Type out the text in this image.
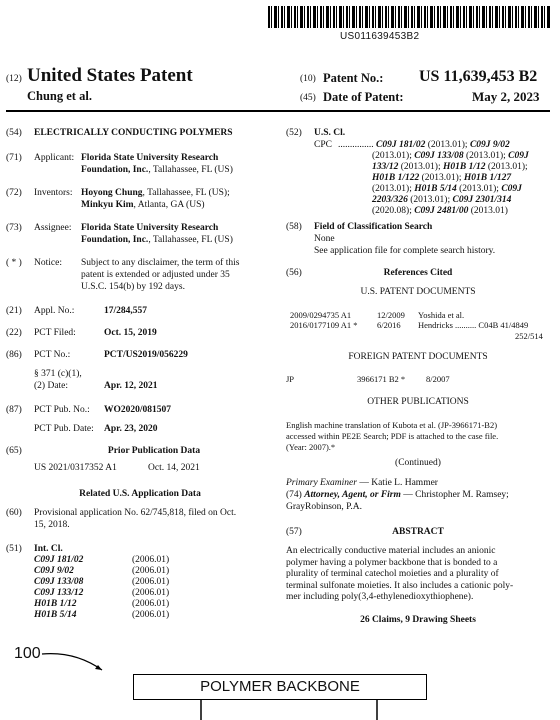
US011639453B2
(12) United States Patent
Chung et al.
(10) Patent No.: US 11,639,453 B2
(45) Date of Patent:	May 2, 2023
(54) ELECTRICALLY CONDUCTING POLYMERS
(71) Applicant: Florida State University Research
Foundation, Inc., Tallahassee, FL (US)
(72) Inventors: Hoyong Chung, Tallahassee, FL (US);
Minkyu Kim, Atlanta, GA (US)
(73) Assignee: Florida State University Research
Foundation, Inc., Tallahassee, FL (US)
( * ) Notice: Subject to any disclaimer, the term of this
patent is extended or adjusted under 35
U.S.C. 154(b) by 192 days.
(21) Appl. No.:	17/284,557
(22) PCT Filed:	Oct. 15, 2019
(86) PCT No.:	PCT/US2019/056229
§ 371 (c)(1),
(2) Date:	Apr. 12, 2021
(87) PCT Pub. No.: WO2020/081507
PCT Pub. Date: Apr. 23, 2020
(65)	Prior Publication Data
US 2021/0317352 A1	Oct. 14, 2021
Related U.S. Application Data
(60) Provisional application No. 62/745,818, filed on Oct.
15, 2018.
(51) Int. Cl.
C09J 181/02	(2006.01)
C09J 9/02	(2006.01)
C09J 133/08	(2006.01)
C09J 133/12	(2006.01)
H01B 1/12	(2006.01)
H01B 5/14	(2006.01)
(52) U.S. Cl.
CPC ............... C09J 181/02 (2013.01); C09J 9/02
(2013.01); C09J 133/08 (2013.01); C09J
133/12 (2013.01); H01B 1/12 (2013.01);
H01B 1/122 (2013.01); H01B 1/127
(2013.01); H01B 5/14 (2013.01); C09J
2203/326 (2013.01); C09J 2301/314
(2020.08); C09J 2481/00 (2013.01)
(58) Field of Classification Search
None
See application file for complete search history.
(56)	References Cited
U.S. PATENT DOCUMENTS
2009/0294735 A1	12/2009 Yoshida et al.
2016/0177109 A1 * 6/2016 Hendricks .......... C04B 41/4849
252/514
FOREIGN PATENT DOCUMENTS
JP	3966171 B2 * 8/2007
OTHER PUBLICATIONS
English machine translation of Kubota et al. (JP-3966171-B2)
accessed within PE2E Search; PDF is attached to the case file.
(Year: 2007).*
(Continued)
Primary Examiner — Katie L. Hammer
(74) Attorney, Agent, or Firm — Christopher M. Ramsey;
GrayRobinson, P.A.
(57)	ABSTRACT
An electrically conductive material includes an anionic
polymer having a polymer backbone that is bonded to a
plurality of terminal catechol moieties and a plurality of
terminal sulfonate moieties. It also includes a cationic poly-
mer including poly(3,4-ethylenedioxythiophene).
26 Claims, 9 Drawing Sheets
100
POLYMER BACKBONE
